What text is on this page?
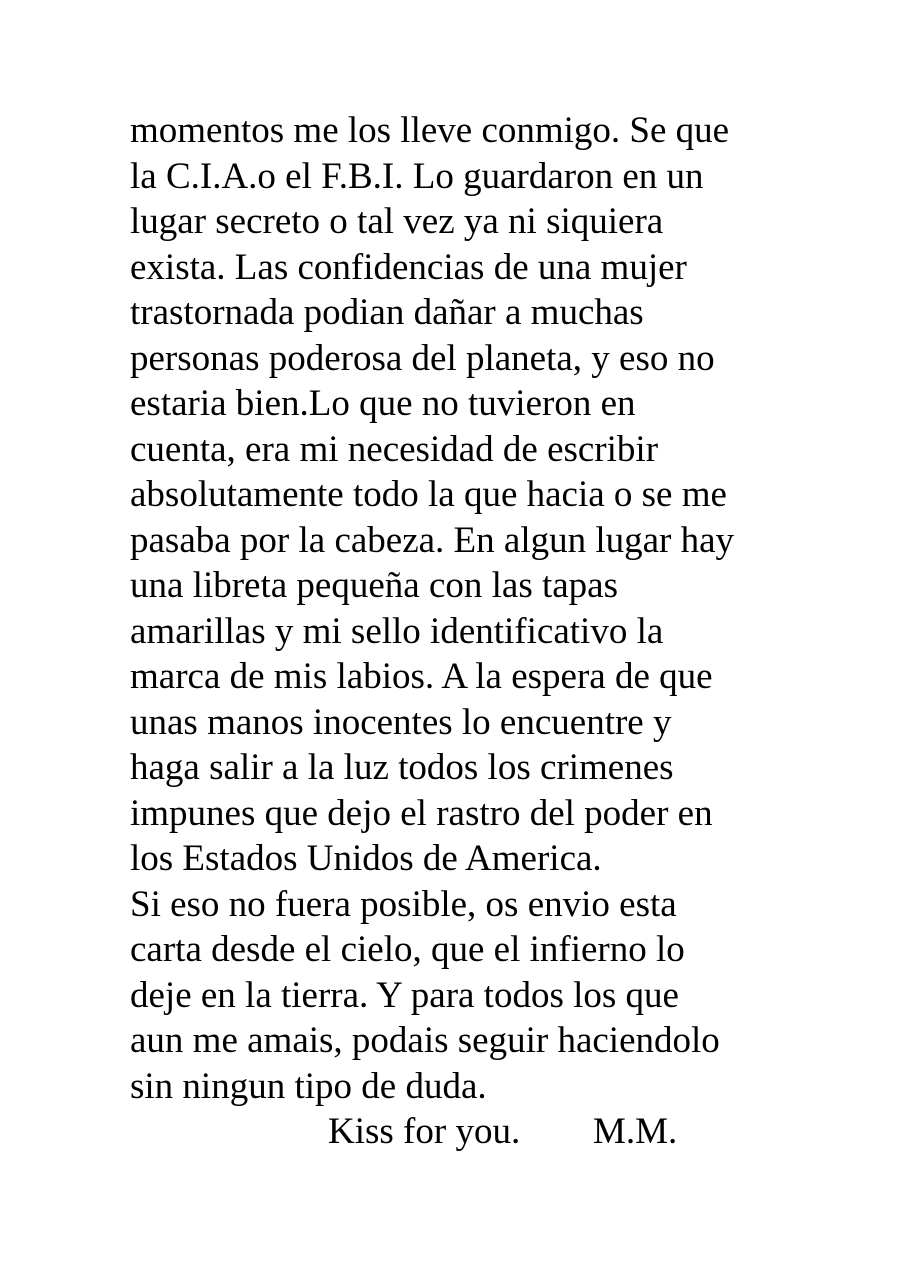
momentos me los lleve conmigo. Se que
la C.I.A.o el F.B.I. Lo guardaron en un
lugar secreto o tal vez ya ni siquiera
exista. Las confidencias de una mujer
trastornada podian dañar a muchas
personas poderosa del planeta, y eso no
estaria bien.Lo que no tuvieron en
cuenta, era mi necesidad de escribir
absolutamente todo la que hacia o se me
pasaba por la cabeza. En algun lugar hay
una libreta pequeña con las tapas
amarillas y mi sello identificativo la
marca de mis labios. A la espera de que
unas manos inocentes lo encuentre y
haga salir a la luz todos los crimenes
impunes que dejo el rastro del poder en
los Estados Unidos de America.
Si eso no fuera posible, os envio esta
carta desde el cielo, que el infierno lo
deje en la tierra. Y para todos los que
aun me amais, podais seguir haciendolo
sin ningun tipo de duda.
Kiss for you. M.M.
